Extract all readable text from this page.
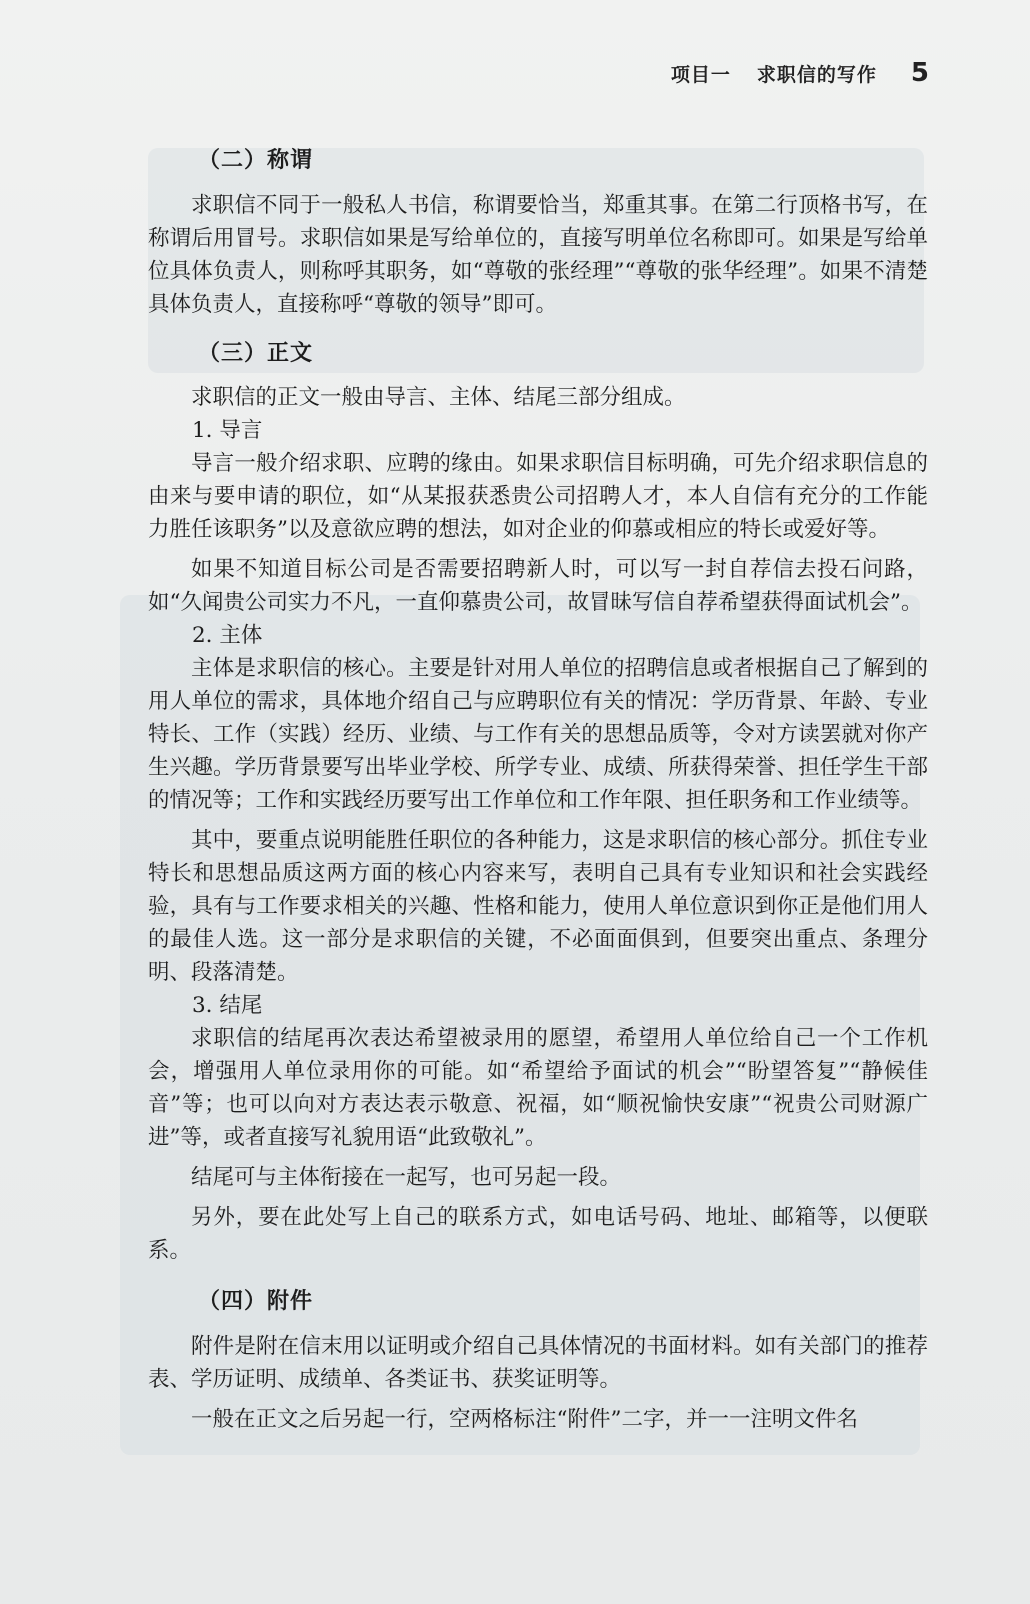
项目一 求职信的写作 5
（二）称谓

求职信不同于一般私人书信，称谓要恰当，郑重其事。在第二行顶格书写，在称谓后用冒号。求职信如果是写给单位的，直接写明单位名称即可。如果是写给单位具体负责人，则称呼其职务，如“尊敬的张经理”“尊敬的张华经理”。如果不清楚具体负责人，直接称呼“尊敬的领导”即可。

（三）正文

求职信的正文一般由导言、主体、结尾三部分组成。

1. 导言

导言一般介绍求职、应聘的缘由。如果求职信目标明确，可先介绍求职信息的由来与要申请的职位，如“从某报获悉贵公司招聘人才，本人自信有充分的工作能力胜任该职务”以及意欲应聘的想法，如对企业的仰慕或相应的特长或爱好等。

如果不知道目标公司是否需要招聘新人时，可以写一封自荐信去投石问路，如“久闻贵公司实力不凡，一直仰慕贵公司，故冒昧写信自荐希望获得面试机会”。

2. 主体

主体是求职信的核心。主要是针对用人单位的招聘信息或者根据自己了解到的用人单位的需求，具体地介绍自己与应聘职位有关的情况：学历背景、年龄、专业特长、工作（实践）经历、业绩、与工作有关的思想品质等，令对方读罢就对你产生兴趣。学历背景要写出毕业学校、所学专业、成绩、所获得荣誉、担任学生干部的情况等；工作和实践经历要写出工作单位和工作年限、担任职务和工作业绩等。

其中，要重点说明能胜任职位的各种能力，这是求职信的核心部分。抓住专业特长和思想品质这两方面的核心内容来写，表明自己具有专业知识和社会实践经验，具有与工作要求相关的兴趣、性格和能力，使用人单位意识到你正是他们用人的最佳人选。这一部分是求职信的关键，不必面面俱到，但要突出重点、条理分明、段落清楚。

3. 结尾

求职信的结尾再次表达希望被录用的愿望，希望用人单位给自己一个工作机会，增强用人单位录用你的可能。如“希望给予面试的机会”“盼望答复”“静候佳音”等；也可以向对方表达表示敬意、祝福，如“顺祝愉快安康”“祝贵公司财源广进”等，或者直接写礼貌用语“此致敬礼”。

结尾可与主体衔接在一起写，也可另起一段。

另外，要在此处写上自己的联系方式，如电话号码、地址、邮箱等，以便联系。

（四）附件

附件是附在信末用以证明或介绍自己具体情况的书面材料。如有关部门的推荐表、学历证明、成绩单、各类证书、获奖证明等。

一般在正文之后另起一行，空两格标注“附件”二字，并一一注明文件名
